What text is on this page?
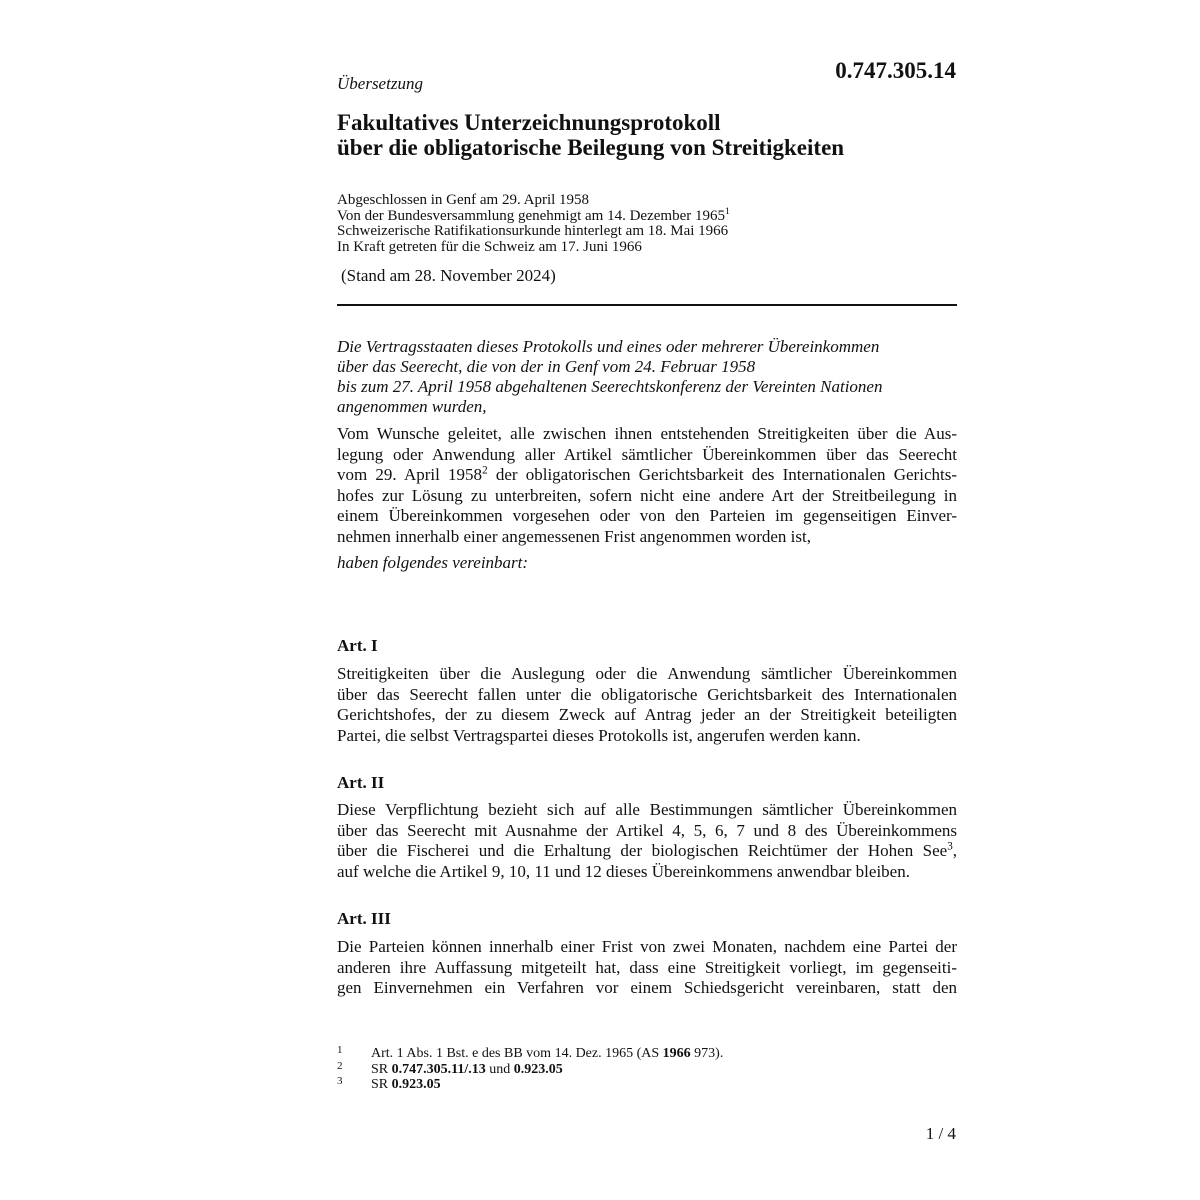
0.747.305.14
Übersetzung
Fakultatives Unterzeichnungsprotokoll
über die obligatorische Beilegung von Streitigkeiten
Abgeschlossen in Genf am 29. April 1958
Von der Bundesversammlung genehmigt am 14. Dezember 1965$^1$
Schweizerische Ratifikationsurkunde hinterlegt am 18. Mai 1966
In Kraft getreten für die Schweiz am 17. Juni 1966
(Stand am 28. November 2024)
Die Vertragsstaaten dieses Protokolls und eines oder mehrerer Übereinkommen
über das Seerecht, die von der in Genf vom 24. Februar 1958
bis zum 27. April 1958 abgehaltenen Seerechtskonferenz der Vereinten Nationen
angenommen wurden,
Vom Wunsche geleitet, alle zwischen ihnen entstehenden Streitigkeiten über die Aus-
legung oder Anwendung aller Artikel sämtlicher Übereinkommen über das Seerecht
vom 29. April 1958$^2$ der obligatorischen Gerichtsbarkeit des Internationalen Gerichts-
hofes zur Lösung zu unterbreiten, sofern nicht eine andere Art der Streitbeilegung in
einem Übereinkommen vorgesehen oder von den Parteien im gegenseitigen Einver-
nehmen innerhalb einer angemessenen Frist angenommen worden ist,
haben folgendes vereinbart:
Art. I
Streitigkeiten über die Auslegung oder die Anwendung sämtlicher Übereinkommen
über das Seerecht fallen unter die obligatorische Gerichtsbarkeit des Internationalen
Gerichtshofes, der zu diesem Zweck auf Antrag jeder an der Streitigkeit beteiligten
Partei, die selbst Vertragspartei dieses Protokolls ist, angerufen werden kann.
Art. II
Diese Verpflichtung bezieht sich auf alle Bestimmungen sämtlicher Übereinkommen
über das Seerecht mit Ausnahme der Artikel 4, 5, 6, 7 und 8 des Übereinkommens
über die Fischerei und die Erhaltung der biologischen Reichtümer der Hohen See$^3$,
auf welche die Artikel 9, 10, 11 und 12 dieses Übereinkommens anwendbar bleiben.
Art. III
Die Parteien können innerhalb einer Frist von zwei Monaten, nachdem eine Partei der
anderen ihre Auffassung mitgeteilt hat, dass eine Streitigkeit vorliegt, im gegenseiti-
gen Einvernehmen ein Verfahren vor einem Schiedsgericht vereinbaren, statt den
1	Art. 1 Abs. 1 Bst. e des BB vom 14. Dez. 1965 (AS 1966 973).
2	SR 0.747.305.11/.13 und 0.923.05
3	SR 0.923.05
1 / 4
